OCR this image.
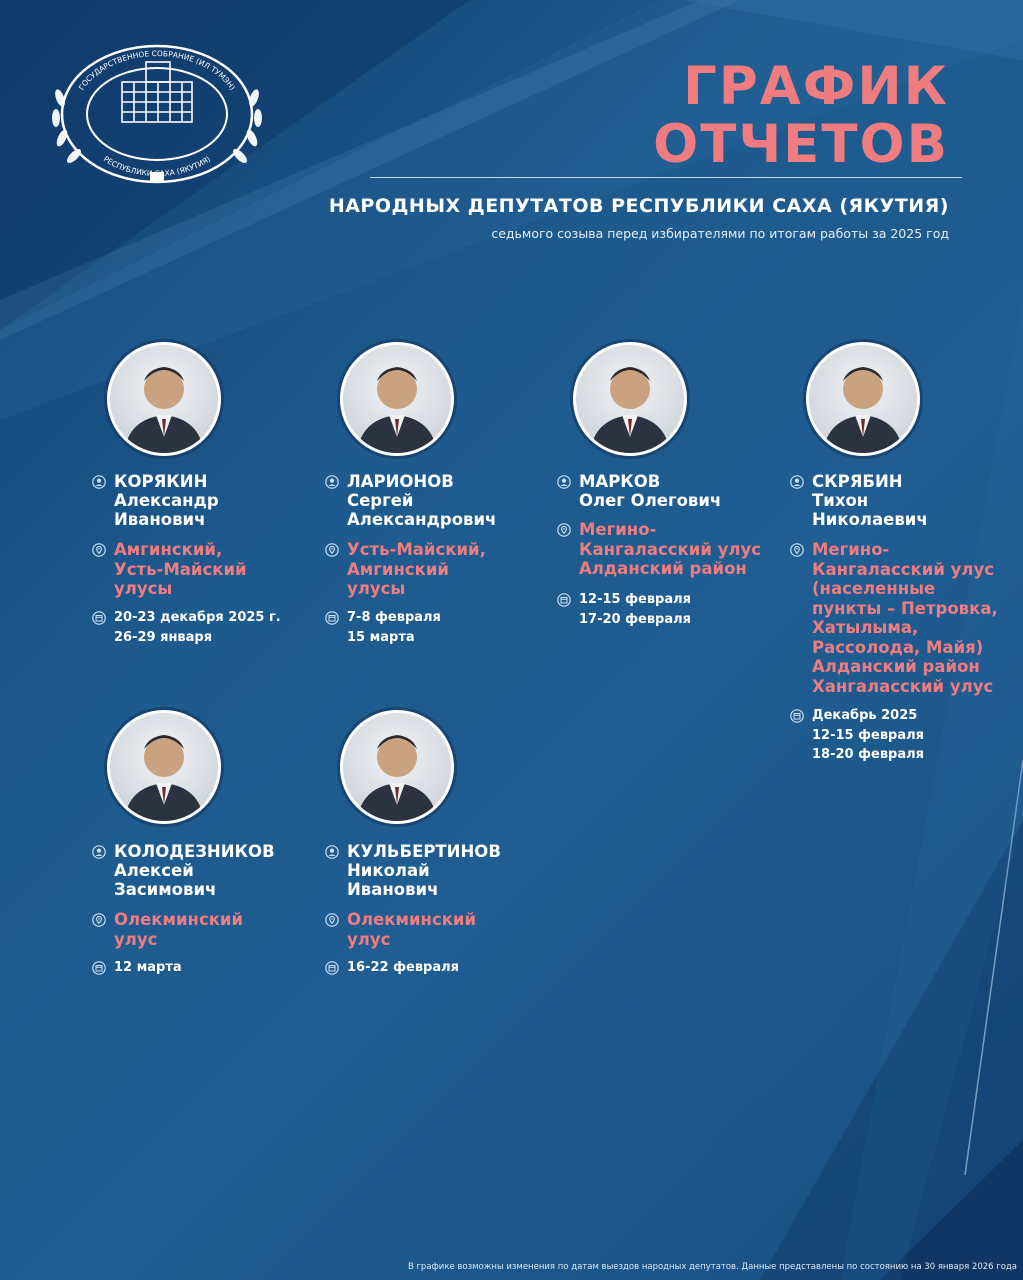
ГОСУДАРСТВЕННОЕ СОБРАНИЕ (ИЛ ТУМЭН)
РЕСПУБЛИКИ САХА (ЯКУТИЯ)
ГРАФИК
ОТЧЕТОВ
НАРОДНЫХ ДЕПУТАТОВ РЕСПУБЛИКИ САХА (ЯКУТИЯ)
седьмого созыва перед избирателями по итогам работы за 2025 год
КОРЯКИН
Александр
Иванович
Амгинский,
Усть-Майский
улусы
20-23 декабря 2025 г.
26-29 января
ЛАРИОНОВ
Сергей
Александрович
Усть-Майский,
Амгинский
улусы
7-8 февраля
15 марта
МАРКОВ
Олег Олегович
Мегино-
Кангаласский улус
Алданский район
12-15 февраля
17-20 февраля
СКРЯБИН
Тихон
Николаевич
Мегино-
Кангаласский улус
(населенные
пункты – Петровка,
Хатылыма,
Рассолода, Майя)
Алданский район
Хангаласский улус
Декабрь 2025
12-15 февраля
18-20 февраля
КОЛОДЕЗНИКОВ
Алексей
Засимович
Олекминский
улус
12 марта
КУЛЬБЕРТИНОВ
Николай
Иванович
Олекминский
улус
16-22 февраля
В графике возможны изменения по датам выездов народных депутатов. Данные представлены по состоянию на 30 января 2026 года
